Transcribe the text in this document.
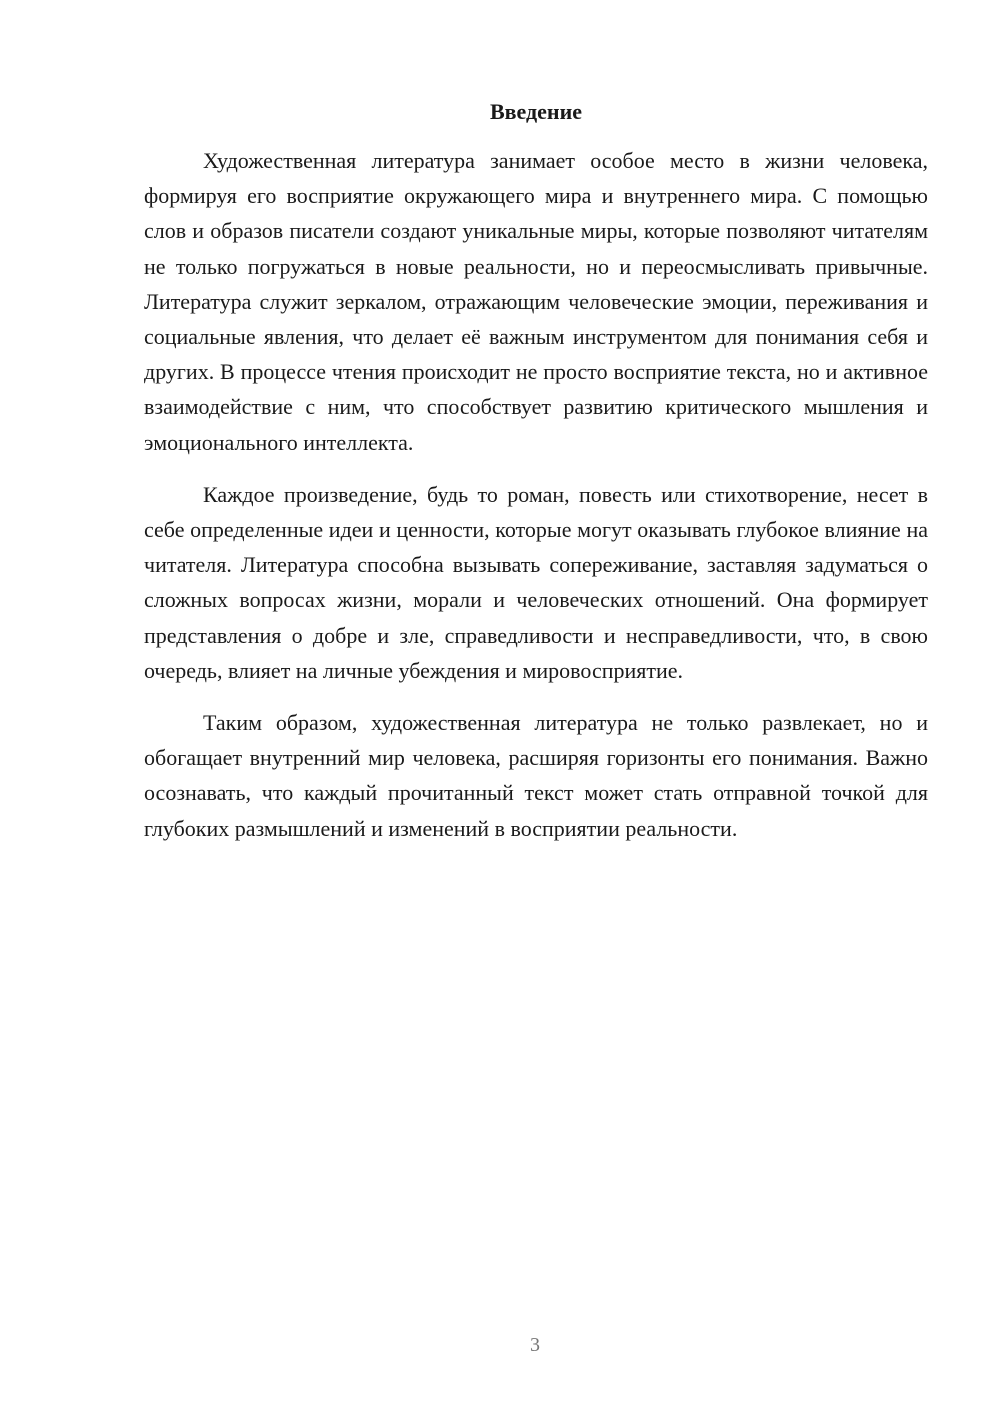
Введение

Художественная литература занимает особое место в жизни человека, формируя его восприятие окружающего мира и внутреннего мира. С помощью слов и образов писатели создают уникальные миры, которые позволяют читателям не только погружаться в новые реальности, но и переосмысливать привычные. Литература служит зеркалом, отражающим человеческие эмоции, переживания и социальные явления, что делает её важным инструментом для понимания себя и других. В процессе чтения происходит не просто восприятие текста, но и активное взаимодействие с ним, что способствует развитию критического мышления и эмоционального интеллекта.

Каждое произведение, будь то роман, повесть или стихотворение, несет в себе определенные идеи и ценности, которые могут оказывать глубокое влияние на читателя. Литература способна вызывать сопереживание, заставляя задуматься о сложных вопросах жизни, морали и человеческих отношений. Она формирует представления о добре и зле, справедливости и несправедливости, что, в свою очередь, влияет на личные убеждения и мировосприятие.

Таким образом, художественная литература не только развлекает, но и обогащает внутренний мир человека, расширяя горизонты его понимания. Важно осознавать, что каждый прочитанный текст может стать отправной точкой для глубоких размышлений и изменений в восприятии реальности.

3
